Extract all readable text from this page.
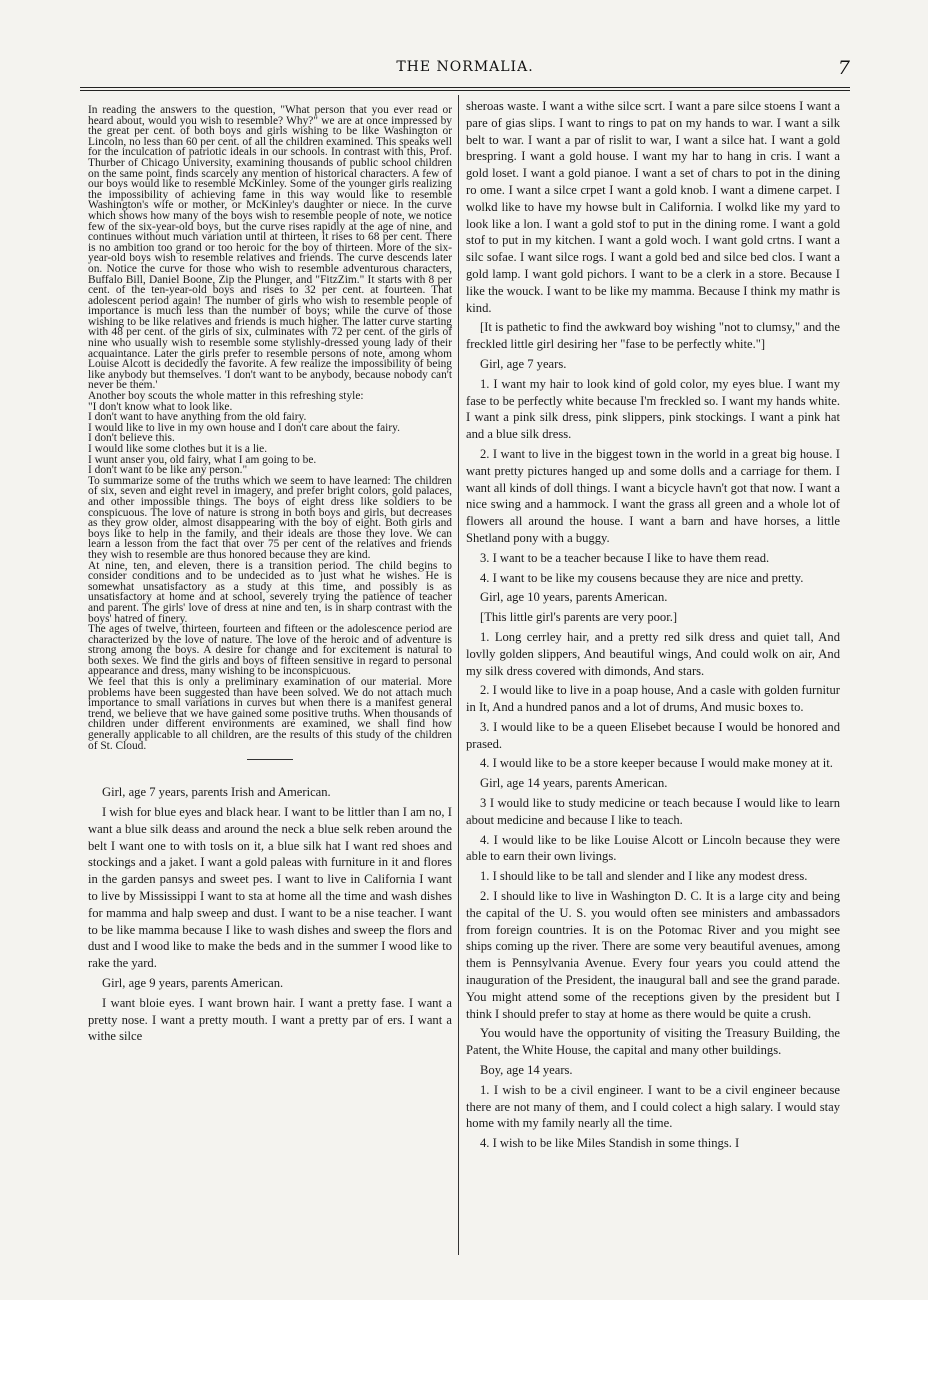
THE NORMALIA.	7

In reading the answers to the question, "What person that you ever read or heard about, would you wish to resemble? Why?" we are at once impressed by the great per cent. of both boys and girls wishing to be like Washington or Lincoln, no less than 60 per cent. of all the children examined. This speaks well for the inculcation of patriotic ideals in our schools. In contrast with this, Prof. Thurber of Chicago University, examining thousands of public school children on the same point, finds scarcely any mention of historical characters. A few of our boys would like to resemble McKinley. Some of the younger girls realizing the impossibility of achieving fame in this way would like to resemble Washington's wife or mother, or McKinley's daughter or niece. In the curve which shows how many of the boys wish to resemble people of note, we notice few of the six-year-old boys, but the curve rises rapidly at the age of nine, and continues without much variation until at thirteen, it rises to 68 per cent. There is no ambition too grand or too heroic for the boy of thirteen. More of the six-year-old boys wish to resemble relatives and friends. The curve descends later on. Notice the curve for those who wish to resemble adventurous characters, Buffalo Bill, Daniel Boone, Zip the Plunger, and "FitzZim." It starts with 8 per cent. of the ten-year-old boys and rises to 32 per cent. at fourteen. That adolescent period again! The number of girls who wish to resemble people of importance is much less than the number of boys; while the curve of those wishing to be like relatives and friends is much higher. The latter curve starting with 48 per cent. of the girls of six, culminates with 72 per cent. of the girls of nine who usually wish to resemble some stylishly-dressed young lady of their acquaintance. Later the girls prefer to resemble persons of note, among whom Louise Alcott is decidedly the favorite. A few realize the impossibility of being like anybody but themselves. 'I don't want to be anybody, because nobody can't never be them.'
Another boy scouts the whole matter in this refreshing style:
"I don't know what to look like.
I don't want to have anything from the old fairy.
I would like to live in my own house and I don't care about the fairy.
I don't believe this.
I would like some clothes but it is a lie.
I wunt anser you, old fairy, what I am going to be.
I don't want to be like any person."
To summarize some of the truths which we seem to have learned: The children of six, seven and eight revel in imagery, and prefer bright colors, gold palaces, and other impossible things. The boys of eight dress like soldiers to be conspicuous. The love of nature is strong in both boys and girls, but decreases as they grow older, almost disappearing with the boy of eight. Both girls and boys like to help in the family, and their ideals are those they love. We can learn a lesson from the fact that over 75 per cent of the relatives and friends they wish to resemble are thus honored because they are kind.
At nine, ten, and eleven, there is a transition period. The child begins to consider conditions and to be undecided as to just what he wishes. He is somewhat unsatisfactory as a study at this time, and possibly is as unsatisfactory at home and at school, severely trying the patience of teacher and parent. The girls' love of dress at nine and ten, is in sharp contrast with the boys' hatred of finery.
The ages of twelve, thirteen, fourteen and fifteen or the adolescence period are characterized by the love of nature. The love of the heroic and of adventure is strong among the boys. A desire for change and for excitement is natural to both sexes. We find the girls and boys of fifteen sensitive in regard to personal appearance and dress, many wishing to be inconspicuous.
We feel that this is only a preliminary examination of our material. More problems have been suggested than have been solved. We do not attach much importance to small variations in curves but when there is a manifest general trend, we believe that we have gained some positive truths. When thousands of children under different environments are examined, we shall find how generally applicable to all children, are the results of this study of the children of St. Cloud.

Girl, age 7 years, parents Irish and American.

I wish for blue eyes and black hear. I want to be littler than I am no, I want a blue silk deass and around the neck a blue selk reben around the belt I want one to with tosls on it, a blue silk hat I want red shoes and stockings and a jaket. I want a gold paleas with furniture in it and flores in the garden pansys and sweet pes. I want to live in California I want to live by Mississippi I want to sta at home all the time and wash dishes for mamma and halp sweep and dust. I want to be a nise teacher. I want to be like mamma because I like to wash dishes and sweep the flors and dust and I wood like to make the beds and in the summer I wood like to rake the yard.

Girl, age 9 years, parents American.

I want bloie eyes. I want brown hair. I want a pretty fase. I want a pretty nose. I want a pretty mouth. I want a pretty par of ers. I want a withe silce

sheroas waste. I want a withe silce scrt. I want a pare silce stoens I want a pare of gias slips. I want to rings to pat on my hands to war. I want a silk belt to war. I want a par of rislit to war, I want a silce hat. I want a gold brespring. I want a gold house. I want my har to hang in cris. I want a gold loset. I want a gold pianoe. I want a set of chars to pot in the dining ro ome. I want a silce crpet I want a gold knob. I want a dimene carpet. I wolkd like to have my howse bult in California. I wolkd like my yard to look like a lon. I want a gold stof to put in the dining rome. I want a gold stof to put in my kitchen. I want a gold woch. I want gold crtns. I want a silc sofae. I want silce rogs. I want a gold bed and silce bed clos. I want a gold lamp. I want gold pichors. I want to be a clerk in a store. Because I like the wouck. I want to be like my mamma. Because I think my mathr is kind.

[It is pathetic to find the awkward boy wishing "not to clumsy," and the freckled little girl desiring her "fase to be perfectly white."]

Girl, age 7 years.

1. I want my hair to look kind of gold color, my eyes blue. I want my fase to be perfectly white because I'm freckled so. I want my hands white. I want a pink silk dress, pink slippers, pink stockings. I want a pink hat and a blue silk dress.

2. I want to live in the biggest town in the world in a great big house. I want pretty pictures hanged up and some dolls and a carriage for them. I want all kinds of doll things. I want a bicycle havn't got that now. I want a nice swing and a hammock. I want the grass all green and a whole lot of flowers all around the house. I want a barn and have horses, a little Shetland pony with a buggy.

3. I want to be a teacher because I like to have them read.

4. I want to be like my cousens because they are nice and pretty.

Girl, age 10 years, parents American.

[This little girl's parents are very poor.]

1. Long cerrley hair, and a pretty red silk dress and quiet tall, And lovlly golden slippers, And beautiful wings, And could wolk on air, And my silk dress covered with dimonds, And stars.

2. I would like to live in a poap house, And a casle with golden furnitur in It, And a hundred panos and a lot of drums, And music boxes to.

3. I would like to be a queen Elisebet because I would be honored and prased.

4. I would like to be a store keeper because I would make money at it.

Girl, age 14 years, parents American.

3 I would like to study medicine or teach because I would like to learn about medicine and because I like to teach.

4. I would like to be like Louise Alcott or Lincoln because they were able to earn their own livings.

1. I should like to be tall and slender and I like any modest dress.

2. I should like to live in Washington D. C. It is a large city and being the capital of the U. S. you would often see ministers and ambassadors from foreign countries. It is on the Potomac River and you might see ships coming up the river. There are some very beautiful avenues, among them is Pennsylvania Avenue. Every four years you could attend the inauguration of the President, the inaugural ball and see the grand parade. You might attend some of the receptions given by the president but I think I should prefer to stay at home as there would be quite a crush.

You would have the opportunity of visiting the Treasury Building, the Patent, the White House, the capital and many other buildings.

Boy, age 14 years.

1. I wish to be a civil engineer. I want to be a civil engineer because there are not many of them, and I could colect a high salary. I would stay home with my family nearly all the time.

4. I wish to be like Miles Standish in some things. I
